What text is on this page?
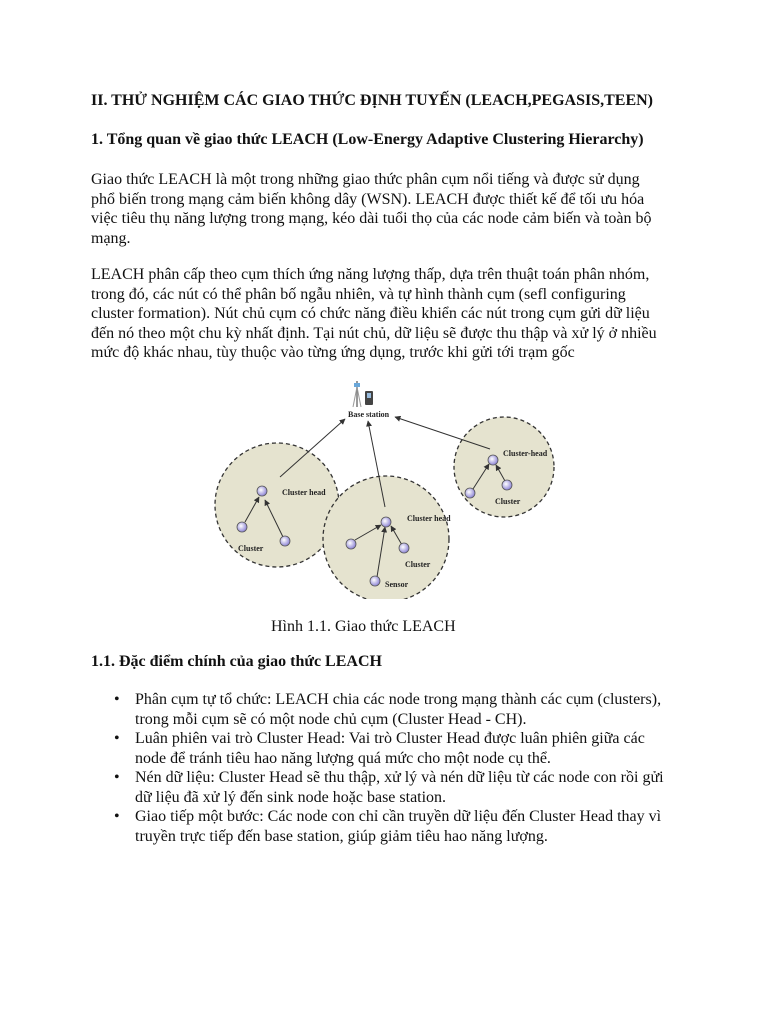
II. THỬ NGHIỆM CÁC GIAO THỨC ĐỊNH TUYẾN (LEACH,PEGASIS,TEEN)
1. Tổng quan về giao thức LEACH (Low-Energy Adaptive Clustering Hierarchy)
Giao thức LEACH là một trong những giao thức phân cụm nổi tiếng và được sử dụng
phổ biến trong mạng cảm biến không dây (WSN). LEACH được thiết kế để tối ưu hóa
việc tiêu thụ năng lượng trong mạng, kéo dài tuổi thọ của các node cảm biến và toàn bộ
mạng.
LEACH phân cấp theo cụm thích ứng năng lượng thấp, dựa trên thuật toán phân nhóm,
trong đó, các nút có thể phân bố ngẫu nhiên, và tự hình thành cụm (sefl configuring
cluster formation). Nút chủ cụm có chức năng điều khiển các nút trong cụm gửi dữ liệu
đến nó theo một chu kỳ nhất định. Tại nút chủ, dữ liệu sẽ được thu thập và xử lý ở nhiều
mức độ khác nhau, tùy thuộc vào từng ứng dụng, trước khi gửi tới trạm gốc
Base station
Cluster head
Cluster
Cluster head
Cluster
Sensor
Cluster-head
Cluster
Hình 1.1. Giao thức LEACH
1.1. Đặc điểm chính của giao thức LEACH
• Phân cụm tự tổ chức: LEACH chia các node trong mạng thành các cụm (clusters),
trong mỗi cụm sẽ có một node chủ cụm (Cluster Head - CH).
• Luân phiên vai trò Cluster Head: Vai trò Cluster Head được luân phiên giữa các
node để tránh tiêu hao năng lượng quá mức cho một node cụ thể.
• Nén dữ liệu: Cluster Head sẽ thu thập, xử lý và nén dữ liệu từ các node con rồi gửi
dữ liệu đã xử lý đến sink node hoặc base station.
• Giao tiếp một bước: Các node con chỉ cần truyền dữ liệu đến Cluster Head thay vì
truyền trực tiếp đến base station, giúp giảm tiêu hao năng lượng.
